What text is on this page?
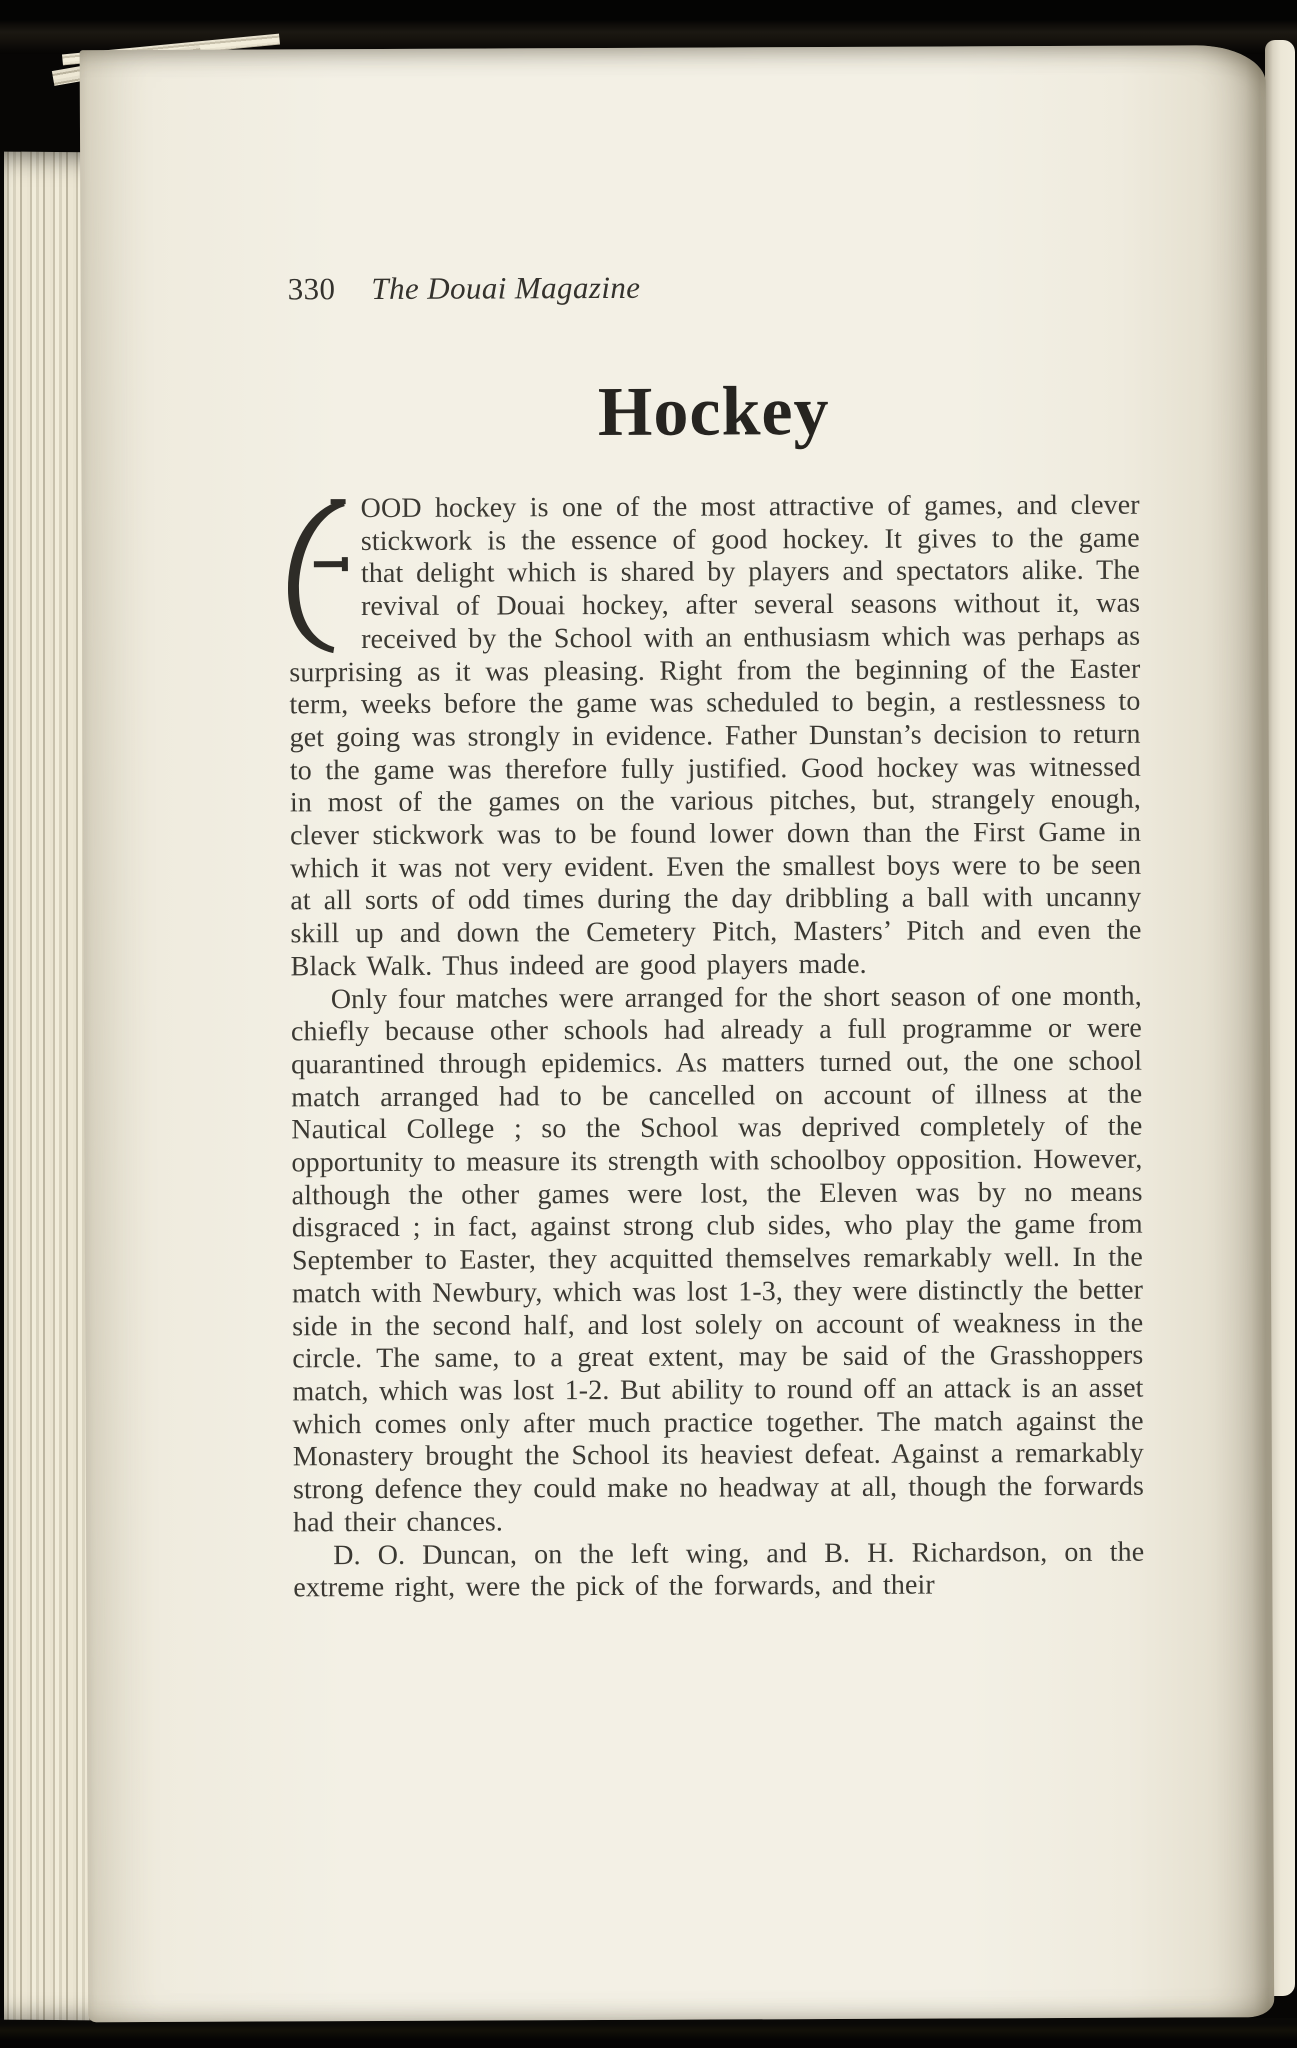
330 The Douai Magazine
Hockey

OOD hockey is one of the most attractive of games, and clever stickwork is the essence of good hockey. It gives to the game that delight which is shared by players and spectators alike. The revival of Douai hockey, after several seasons without it, was received by the School with an enthusiasm which was perhaps as surprising as it was pleasing. Right from the beginning of the Easter term, weeks before the game was scheduled to begin, a restlessness to get going was strongly in evidence. Father Dunstan’s decision to return to the game was therefore fully justified. Good hockey was witnessed in most of the games on the various pitches, but, strangely enough, clever stickwork was to be found lower down than the First Game in which it was not very evident. Even the smallest boys were to be seen at all sorts of odd times during the day dribbling a ball with uncanny skill up and down the Cemetery Pitch, Masters’ Pitch and even the Black Walk. Thus indeed are good players made.

Only four matches were arranged for the short season of one month, chiefly because other schools had already a full programme or were quarantined through epidemics. As matters turned out, the one school match arranged had to be cancelled on account of illness at the Nautical College ; so the School was deprived completely of the opportunity to measure its strength with schoolboy opposition. However, although the other games were lost, the Eleven was by no means disgraced ; in fact, against strong club sides, who play the game from September to Easter, they acquitted themselves remarkably well. In the match with Newbury, which was lost 1-3, they were distinctly the better side in the second half, and lost solely on account of weakness in the circle. The same, to a great extent, may be said of the Grasshoppers match, which was lost 1-2. But ability to round off an attack is an asset which comes only after much practice together. The match against the Monastery brought the School its heaviest defeat. Against a remarkably strong defence they could make no headway at all, though the forwards had their chances.

D. O. Duncan, on the left wing, and B. H. Richardson, on the extreme right, were the pick of the forwards, and their
